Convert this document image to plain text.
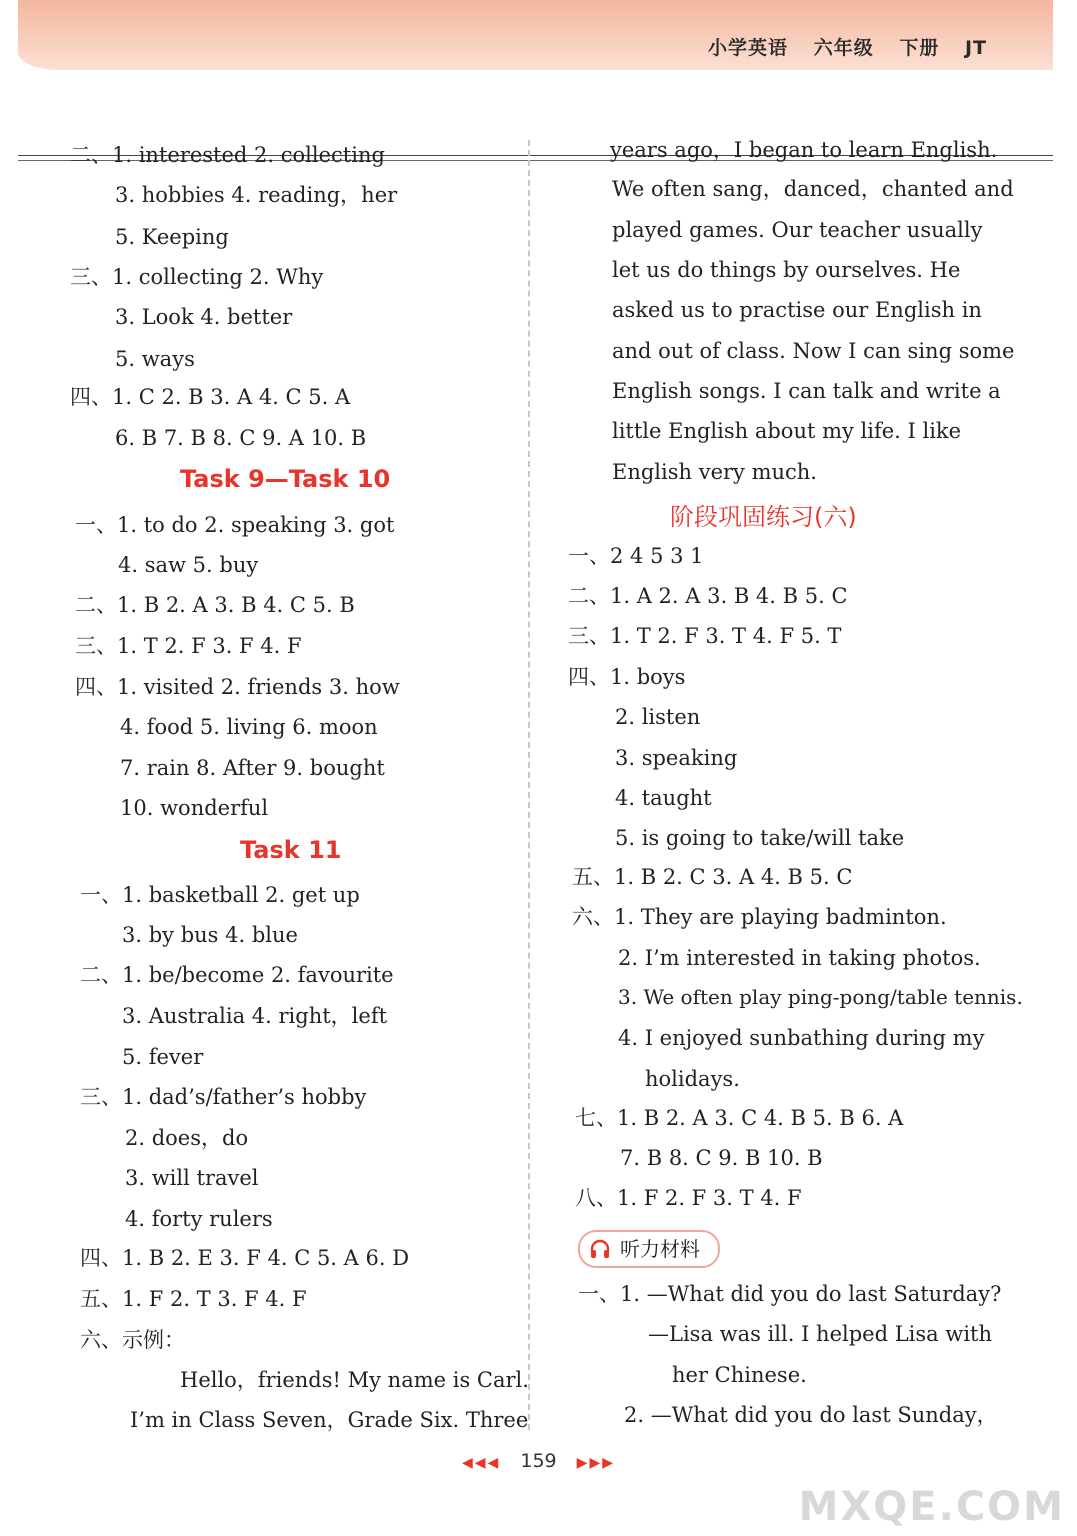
小学英语 六年级 下册 JT
二、1. interested 2. collecting
3. hobbies 4. reading，her
5. Keeping
三、1. collecting 2. Why
3. Look 4. better
5. ways
四、1. C 2. B 3. A 4. C 5. A
6. B 7. B 8. C 9. A 10. B
Task 9—Task 10
一、1. to do 2. speaking 3. got
4. saw 5. buy
二、1. B 2. A 3. B 4. C 5. B
三、1. T 2. F 3. F 4. F
四、1. visited 2. friends 3. how
4. food 5. living 6. moon
7. rain 8. After 9. bought
10. wonderful
Task 11
一、1. basketball 2. get up
3. by bus 4. blue
二、1. be/become 2. favourite
3. Australia 4. right，left
5. fever
三、1. dad’s/father’s hobby
2. does，do
3. will travel
4. forty rulers
四、1. B 2. E 3. F 4. C 5. A 6. D
五、1. F 2. T 3. F 4. F
六、示例：
Hello，friends! My name is Carl.
I’m in Class Seven，Grade Six. Three
years ago，I began to learn English.
We often sang，danced，chanted and
played games. Our teacher usually
let us do things by ourselves. He
asked us to practise our English in
and out of class. Now I can sing some
English songs. I can talk and write a
little English about my life. I like
English very much.
阶段巩固练习(六)
一、2 4 5 3 1
二、1. A 2. A 3. B 4. B 5. C
三、1. T 2. F 3. T 4. F 5. T
四、1. boys
2. listen
3. speaking
4. taught
5. is going to take/will take
五、1. B 2. C 3. A 4. B 5. C
六、1. They are playing badminton.
2. I’m interested in taking photos.
3. We often play ping-pong/table tennis.
4. I enjoyed sunbathing during my
holidays.
七、1. B 2. A 3. C 4. B 5. B 6. A
7. B 8. C 9. B 10. B
八、1. F 2. F 3. T 4. F
听力材料
一、1. —What did you do last Saturday?
—Lisa was ill. I helped Lisa with
her Chinese.
2. —What did you do last Sunday，
◀◀◀ 159 ▶▶▶
MXQE.COM
